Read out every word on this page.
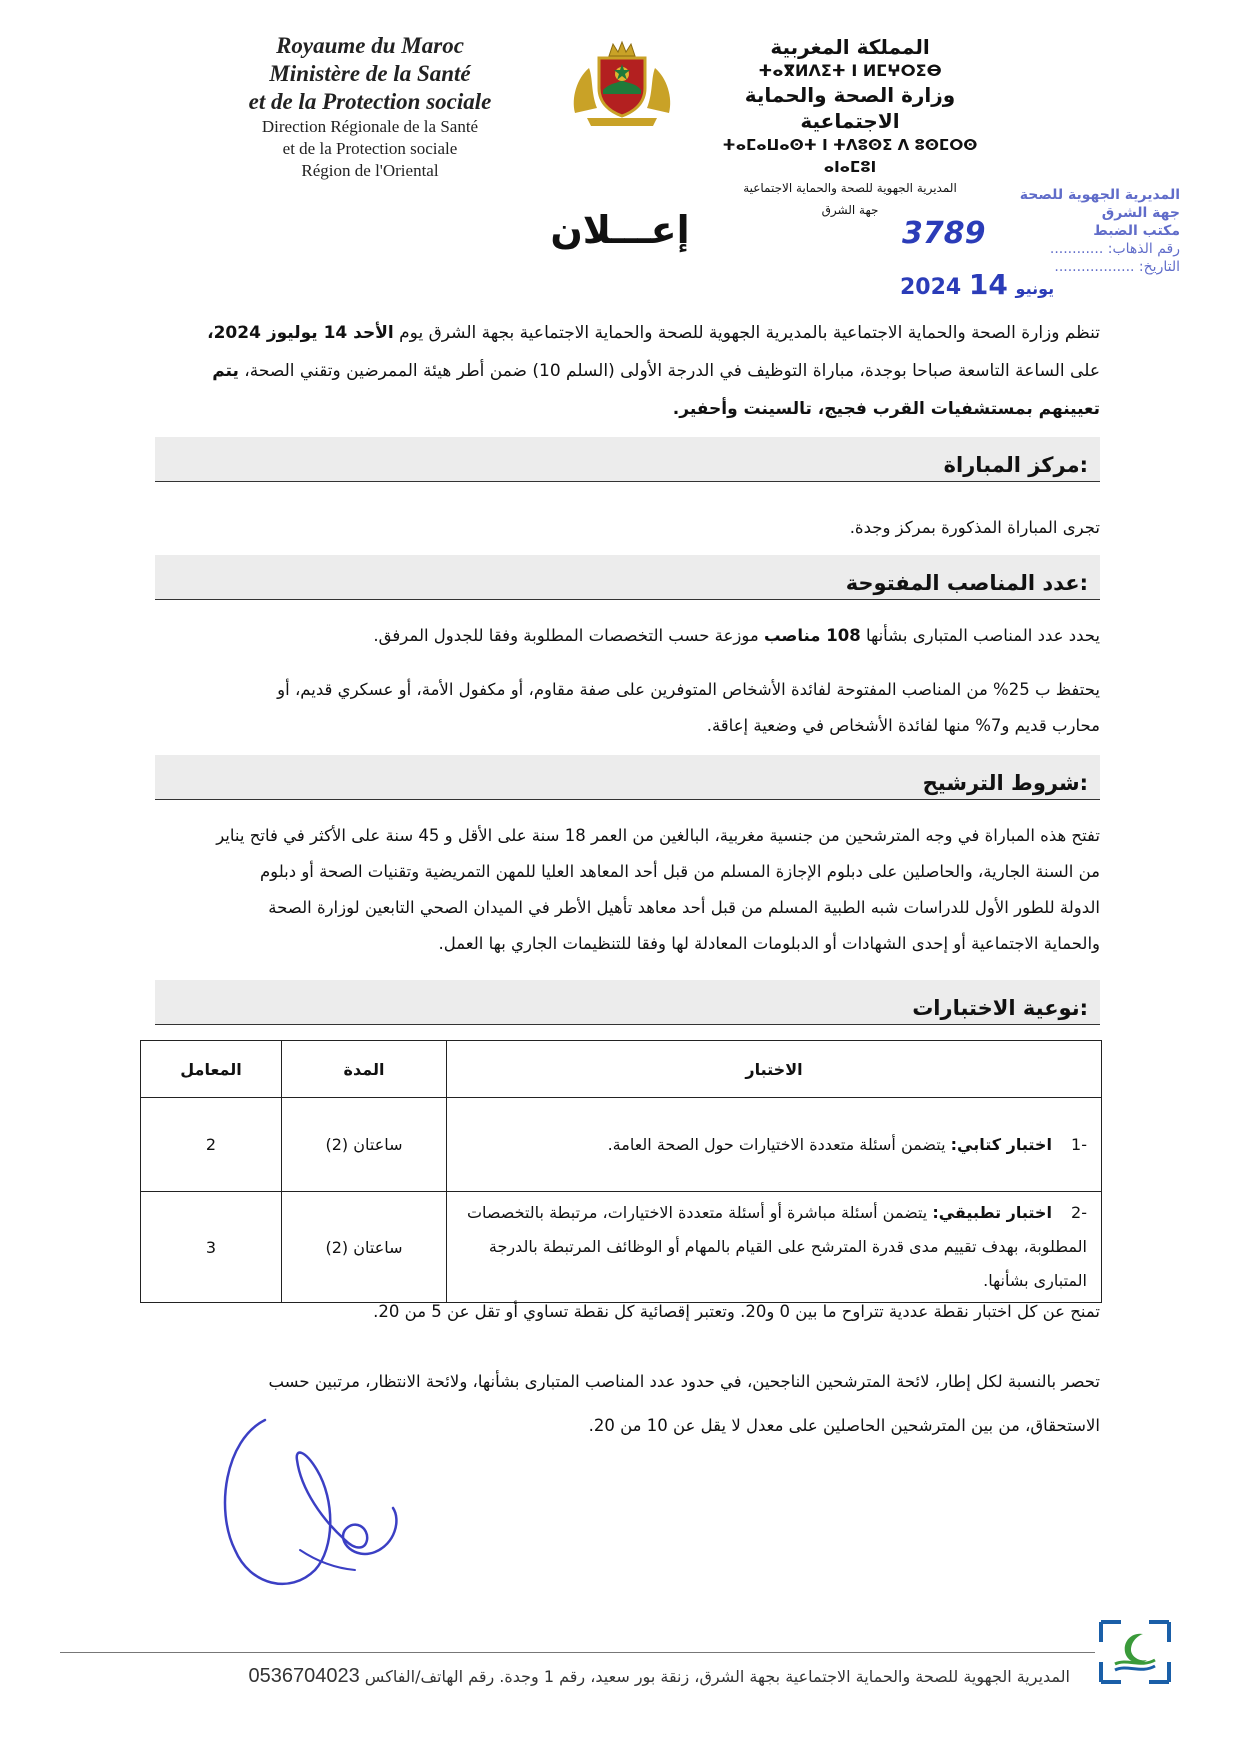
Royaume du Maroc
Ministère de la Santé
et de la Protection sociale
Direction Régionale de la Santé
et de la Protection sociale
Région de l'Oriental
المملكة المغربية
ⵜⴰⴳⵍⴷⵉⵜ ⵏ ⵍⵎⵖⵔⵉⴱ
وزارة الصحة والحماية الاجتماعية
ⵜⴰⵎⴰⵡⴰⵙⵜ ⵏ ⵜⴷⵓⵙⵉ ⴷ ⵓⵙⵎⵔⵙ ⴰⵏⴰⵎⵓⵏ
المديرية الجهوية للصحة والحماية الاجتماعية
جهة الشرق
المديرية الجهوية للصحة
جهة الشرق
مكتب الضبط
رقم الذهاب: ............
التاريخ: ..................
3789
2024	يونيو 14
إعـــلان
تنظم وزارة الصحة والحماية الاجتماعية بالمديرية الجهوية للصحة والحماية الاجتماعية بجهة الشرق يوم الأحد 14 يوليوز 2024،
على الساعة التاسعة صباحا بوجدة، مباراة التوظيف في الدرجة الأولى (السلم 10) ضمن أطر هيئة الممرضين وتقني الصحة، يتم
تعيينهم بمستشفيات القرب فجيج، تالسينت وأحفير.
مركز المباراة:
تجرى المباراة المذكورة بمركز وجدة.
عدد المناصب المفتوحة:
يحدد عدد المناصب المتبارى بشأنها 108 مناصب موزعة حسب التخصصات المطلوبة وفقا للجدول المرفق.
يحتفظ ب 25% من المناصب المفتوحة لفائدة الأشخاص المتوفرين على صفة مقاوم، أو مكفول الأمة، أو عسكري قديم، أو
محارب قديم و7% منها لفائدة الأشخاص في وضعية إعاقة.
شروط الترشيح:
تفتح هذه المباراة في وجه المترشحين من جنسية مغربية، البالغين من العمر 18 سنة على الأقل و 45 سنة على الأكثر في فاتح يناير
من السنة الجارية، والحاصلين على دبلوم الإجازة المسلم من قبل أحد المعاهد العليا للمهن التمريضية وتقنيات الصحة أو دبلوم
الدولة للطور الأول للدراسات شبه الطبية المسلم من قبل أحد معاهد تأهيل الأطر في الميدان الصحي التابعين لوزارة الصحة
والحماية الاجتماعية أو إحدى الشهادات أو الدبلومات المعادلة لها وفقا للتنظيمات الجاري بها العمل.
نوعية الاختبارات:
الاختبار	المدة	المعامل
-1 اختبار كتابي: يتضمن أسئلة متعددة الاختيارات حول الصحة العامة.	ساعتان (2)	2
-2 اختبار تطبيقي: يتضمن أسئلة مباشرة أو أسئلة متعددة الاختيارات، مرتبطة بالتخصصات المطلوبة، بهدف تقييم مدى قدرة المترشح على القيام بالمهام أو الوظائف المرتبطة بالدرجة المتبارى بشأنها.	ساعتان (2)	3
تمنح عن كل اختبار نقطة عددية تتراوح ما بين 0 و20. وتعتبر إقصائية كل نقطة تساوي أو تقل عن 5 من 20.
تحصر بالنسبة لكل إطار، لائحة المترشحين الناجحين، في حدود عدد المناصب المتبارى بشأنها، ولائحة الانتظار، مرتبين حسب
الاستحقاق، من بين المترشحين الحاصلين على معدل لا يقل عن 10 من 20.
المديرية الجهوية للصحة والحماية الاجتماعية بجهة الشرق، زنقة بور سعيد، رقم 1 وجدة. رقم الهاتف/الفاكس 0536704023
